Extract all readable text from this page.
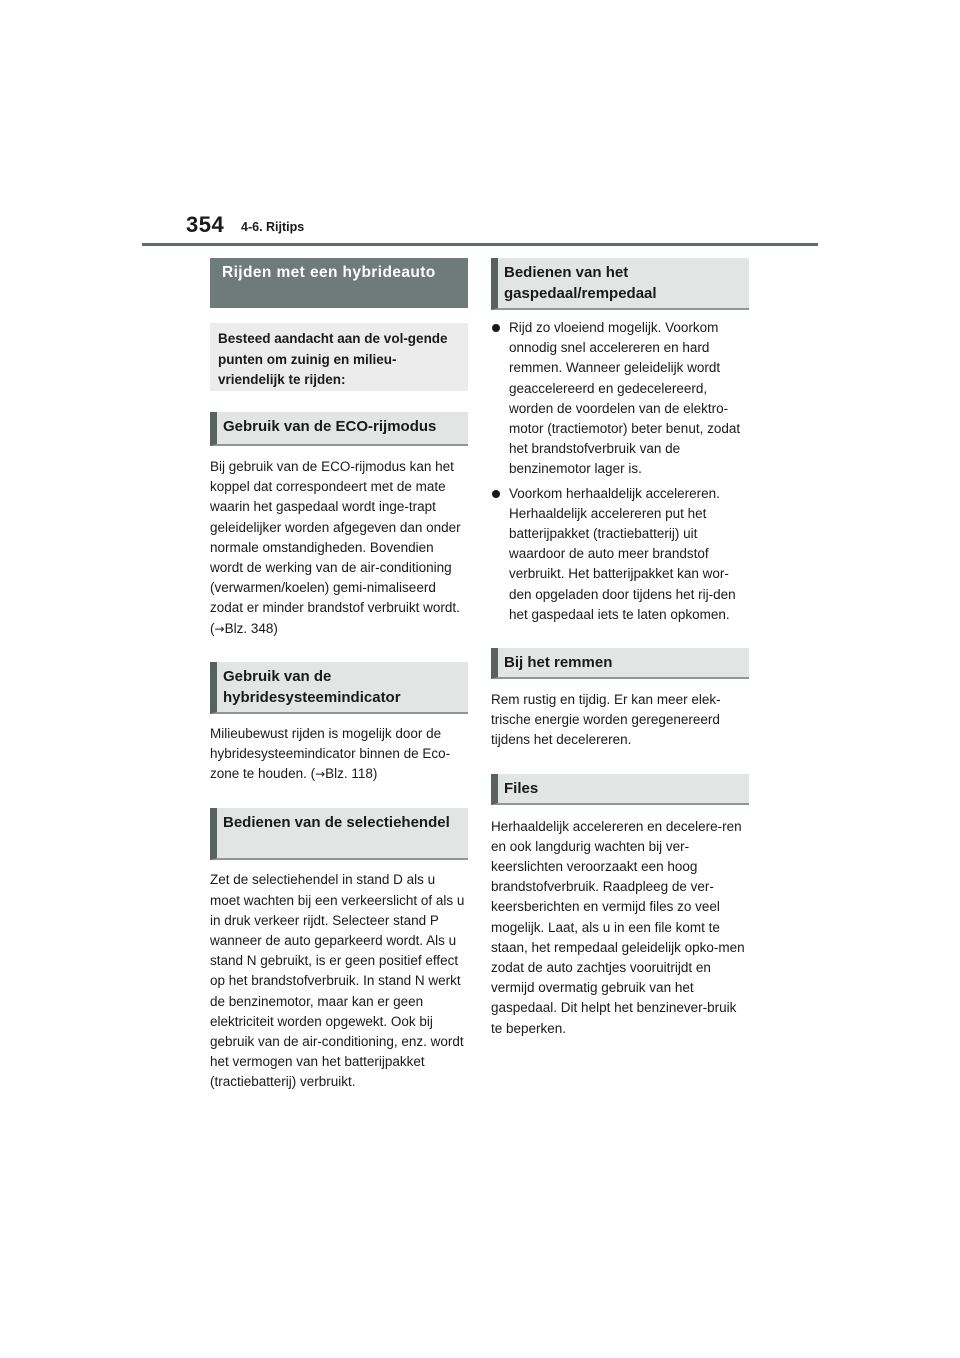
354 4-6. Rijtips
Rijden met een hybrideauto
Besteed aandacht aan de vol-gende punten om zuinig en milieu-vriendelijk te rijden:
Gebruik van de ECO-rijmodus

Bij gebruik van de ECO-rijmodus kan het koppel dat correspondeert met de mate waarin het gaspedaal wordt inge-trapt geleidelijker worden afgegeven dan onder normale omstandigheden. Bovendien wordt de werking van de air-conditioning (verwarmen/koelen) gemi-nimaliseerd zodat er minder brandstof verbruikt wordt. (→Blz. 348)

Gebruik van de hybridesysteemindicator

Milieubewust rijden is mogelijk door de hybridesysteemindicator binnen de Eco-zone te houden. (→Blz. 118)

Bedienen van de selectiehendel

Zet de selectiehendel in stand D als u moet wachten bij een verkeerslicht of als u in druk verkeer rijdt. Selecteer stand P wanneer de auto geparkeerd wordt. Als u stand N gebruikt, is er geen positief effect op het brandstofverbruik. In stand N werkt de benzinemotor, maar kan er geen elektriciteit worden opgewekt. Ook bij gebruik van de air-conditioning, enz. wordt het vermogen van het batterijpakket (tractiebatterij) verbruikt.

Bedienen van het gaspedaal/rempedaal

Rijd zo vloeiend mogelijk. Voorkom onnodig snel accelereren en hard remmen. Wanneer geleidelijk wordt geaccelereerd en gedecelereerd, worden de voordelen van de elektro-motor (tractiemotor) beter benut, zodat het brandstofverbruik van de benzinemotor lager is.

Voorkom herhaaldelijk accelereren. Herhaaldelijk accelereren put het batterijpakket (tractiebatterij) uit waardoor de auto meer brandstof verbruikt. Het batterijpakket kan wor-den opgeladen door tijdens het rij-den het gaspedaal iets te laten opkomen.

Bij het remmen

Rem rustig en tijdig. Er kan meer elek-trische energie worden geregenereerd tijdens het decelereren.

Files

Herhaaldelijk accelereren en decelere-ren en ook langdurig wachten bij ver-keerslichten veroorzaakt een hoog brandstofverbruik. Raadpleeg de ver-keersberichten en vermijd files zo veel mogelijk. Laat, als u in een file komt te staan, het rempedaal geleidelijk opko-men zodat de auto zachtjes vooruitrijdt en vermijd overmatig gebruik van het gaspedaal. Dit helpt het benzinever-bruik te beperken.
